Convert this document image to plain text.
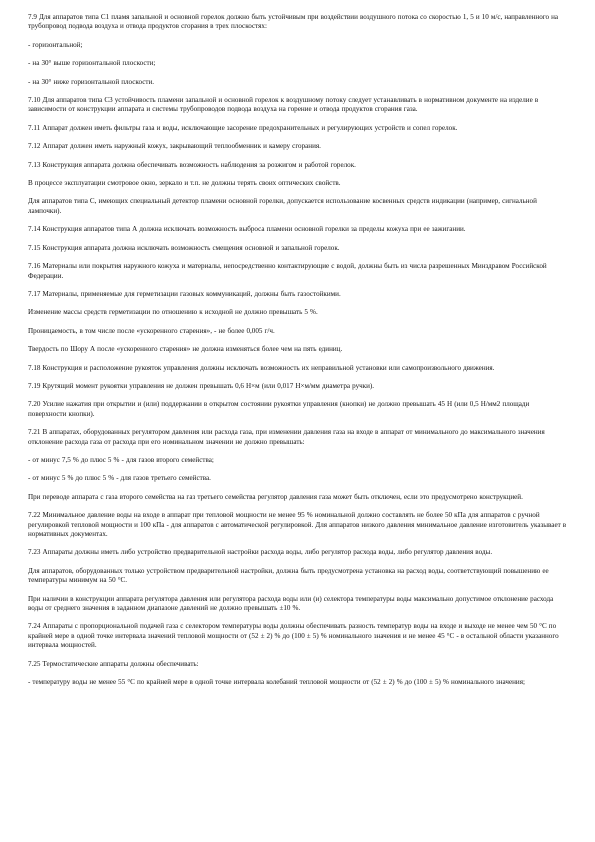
7.9 Для аппаратов типа С1 пламя запальной и основной горелок должно быть устойчивым при воздействии воздушного потока со скоростью 1, 5 и 10 м/с, направленного на трубопровод подвода воздуха и отвода продуктов сгорания в трех плоскостях:

- горизонтальной;

- на 30° выше горизонтальной плоскости;

- на 30° ниже горизонтальной плоскости.

7.10 Для аппаратов типа С3 устойчивость пламени запальной и основной горелок к воздушному потоку следует устанавливать в нормативном документе на изделие в зависимости от конструкции аппарата и системы трубопроводов подвода воздуха на горение и отвода продуктов сгорания газа.

7.11 Аппарат должен иметь фильтры газа и воды, исключающие засорение предохранительных и регулирующих устройств и сопел горелок.

7.12 Аппарат должен иметь наружный кожух, закрывающий теплообменник и камеру сгорания.

7.13 Конструкция аппарата должна обеспечивать возможность наблюдения за розжигом и работой горелок.

В процессе эксплуатации смотровое окно, зеркало и т.п. не должны терять своих оптических свойств.

Для аппаратов типа С, имеющих специальный детектор пламени основной горелки, допускается использование косвенных средств индикации (например, сигнальной лампочки).

7.14 Конструкция аппаратов типа А должна исключать возможность выброса пламени основной горелки за пределы кожуха при ее зажигании.

7.15 Конструкция аппарата должна исключать возможность смещения основной и запальной горелок.

7.16 Материалы или покрытия наружного кожуха и материалы, непосредственно контактирующие с водой, должны быть из числа разрешенных Минздравом Российской Федерации.

7.17 Материалы, применяемые для герметизации газовых коммуникаций, должны быть газостойкими.

Изменение массы средств герметизации по отношению к исходной не должно превышать 5 %.

Проницаемость, в том числе после «ускоренного старения», - не более 0,005 г/ч.

Твердость по Шору А после «ускоренного старения» не должна изменяться более чем на пять единиц.

7.18 Конструкция и расположение рукояток управления должны исключать возможность их неправильной установки или самопроизвольного движения.

7.19 Крутящий момент рукоятки управления не должен превышать 0,6 Н×м (или 0,017 Н×м/мм диаметра ручки).

7.20 Усилие нажатия при открытии и (или) поддержании в открытом состоянии рукоятки управления (кнопки) не должно превышать 45 Н (или 0,5 Н/мм2 площади поверхности кнопки).

7.21 В аппаратах, оборудованных регулятором давления или расхода газа, при изменении давления газа на входе в аппарат от минимального до максимального значения отклонение расхода газа от расхода при его номинальном значении не должно превышать:

- от минус 7,5 % до плюс 5 % - для газов второго семейства;

- от минус 5 % до плюс 5 % - для газов третьего семейства.

При переводе аппарата с газа второго семейства на газ третьего семейства регулятор давления газа может быть отключен, если это предусмотрено конструкцией.

7.22 Минимальное давление воды на входе в аппарат при тепловой мощности не менее 95 % номинальной должно составлять не более 50 кПа для аппаратов с ручной регулировкой тепловой мощности и 100 кПа - для аппаратов с автоматической регулировкой. Для аппаратов низкого давления минимальное давление изготовитель указывает в нормативных документах.

7.23 Аппараты должны иметь либо устройство предварительной настройки расхода воды, либо регулятор расхода воды, либо регулятор давления воды.

Для аппаратов, оборудованных только устройством предварительной настройки, должна быть предусмотрена установка на расход воды, соответствующий повышению ее температуры минимум на 50 °С.

При наличии в конструкции аппарата регулятора давления или регулятора расхода воды или (и) селектора температуры воды максимально допустимое отклонение расхода воды от среднего значения в заданном диапазоне давлений не должно превышать ±10 %.

7.24 Аппараты с пропорциональной подачей газа с селектором температуры воды должны обеспечивать разность температур воды на входе и выходе не менее чем 50 °С по крайней мере в одной точке интервала значений тепловой мощности от (52 ± 2) % до (100 ± 5) % номинального значения и не менее 45 °С - в остальной области указанного интервала мощностей.

7.25 Термостатические аппараты должны обеспечивать:

- температуру воды не менее 55 °С по крайней мере в одной точке интервала колебаний тепловой мощности от (52 ± 2) % до (100 ± 5) % номинального значения;
